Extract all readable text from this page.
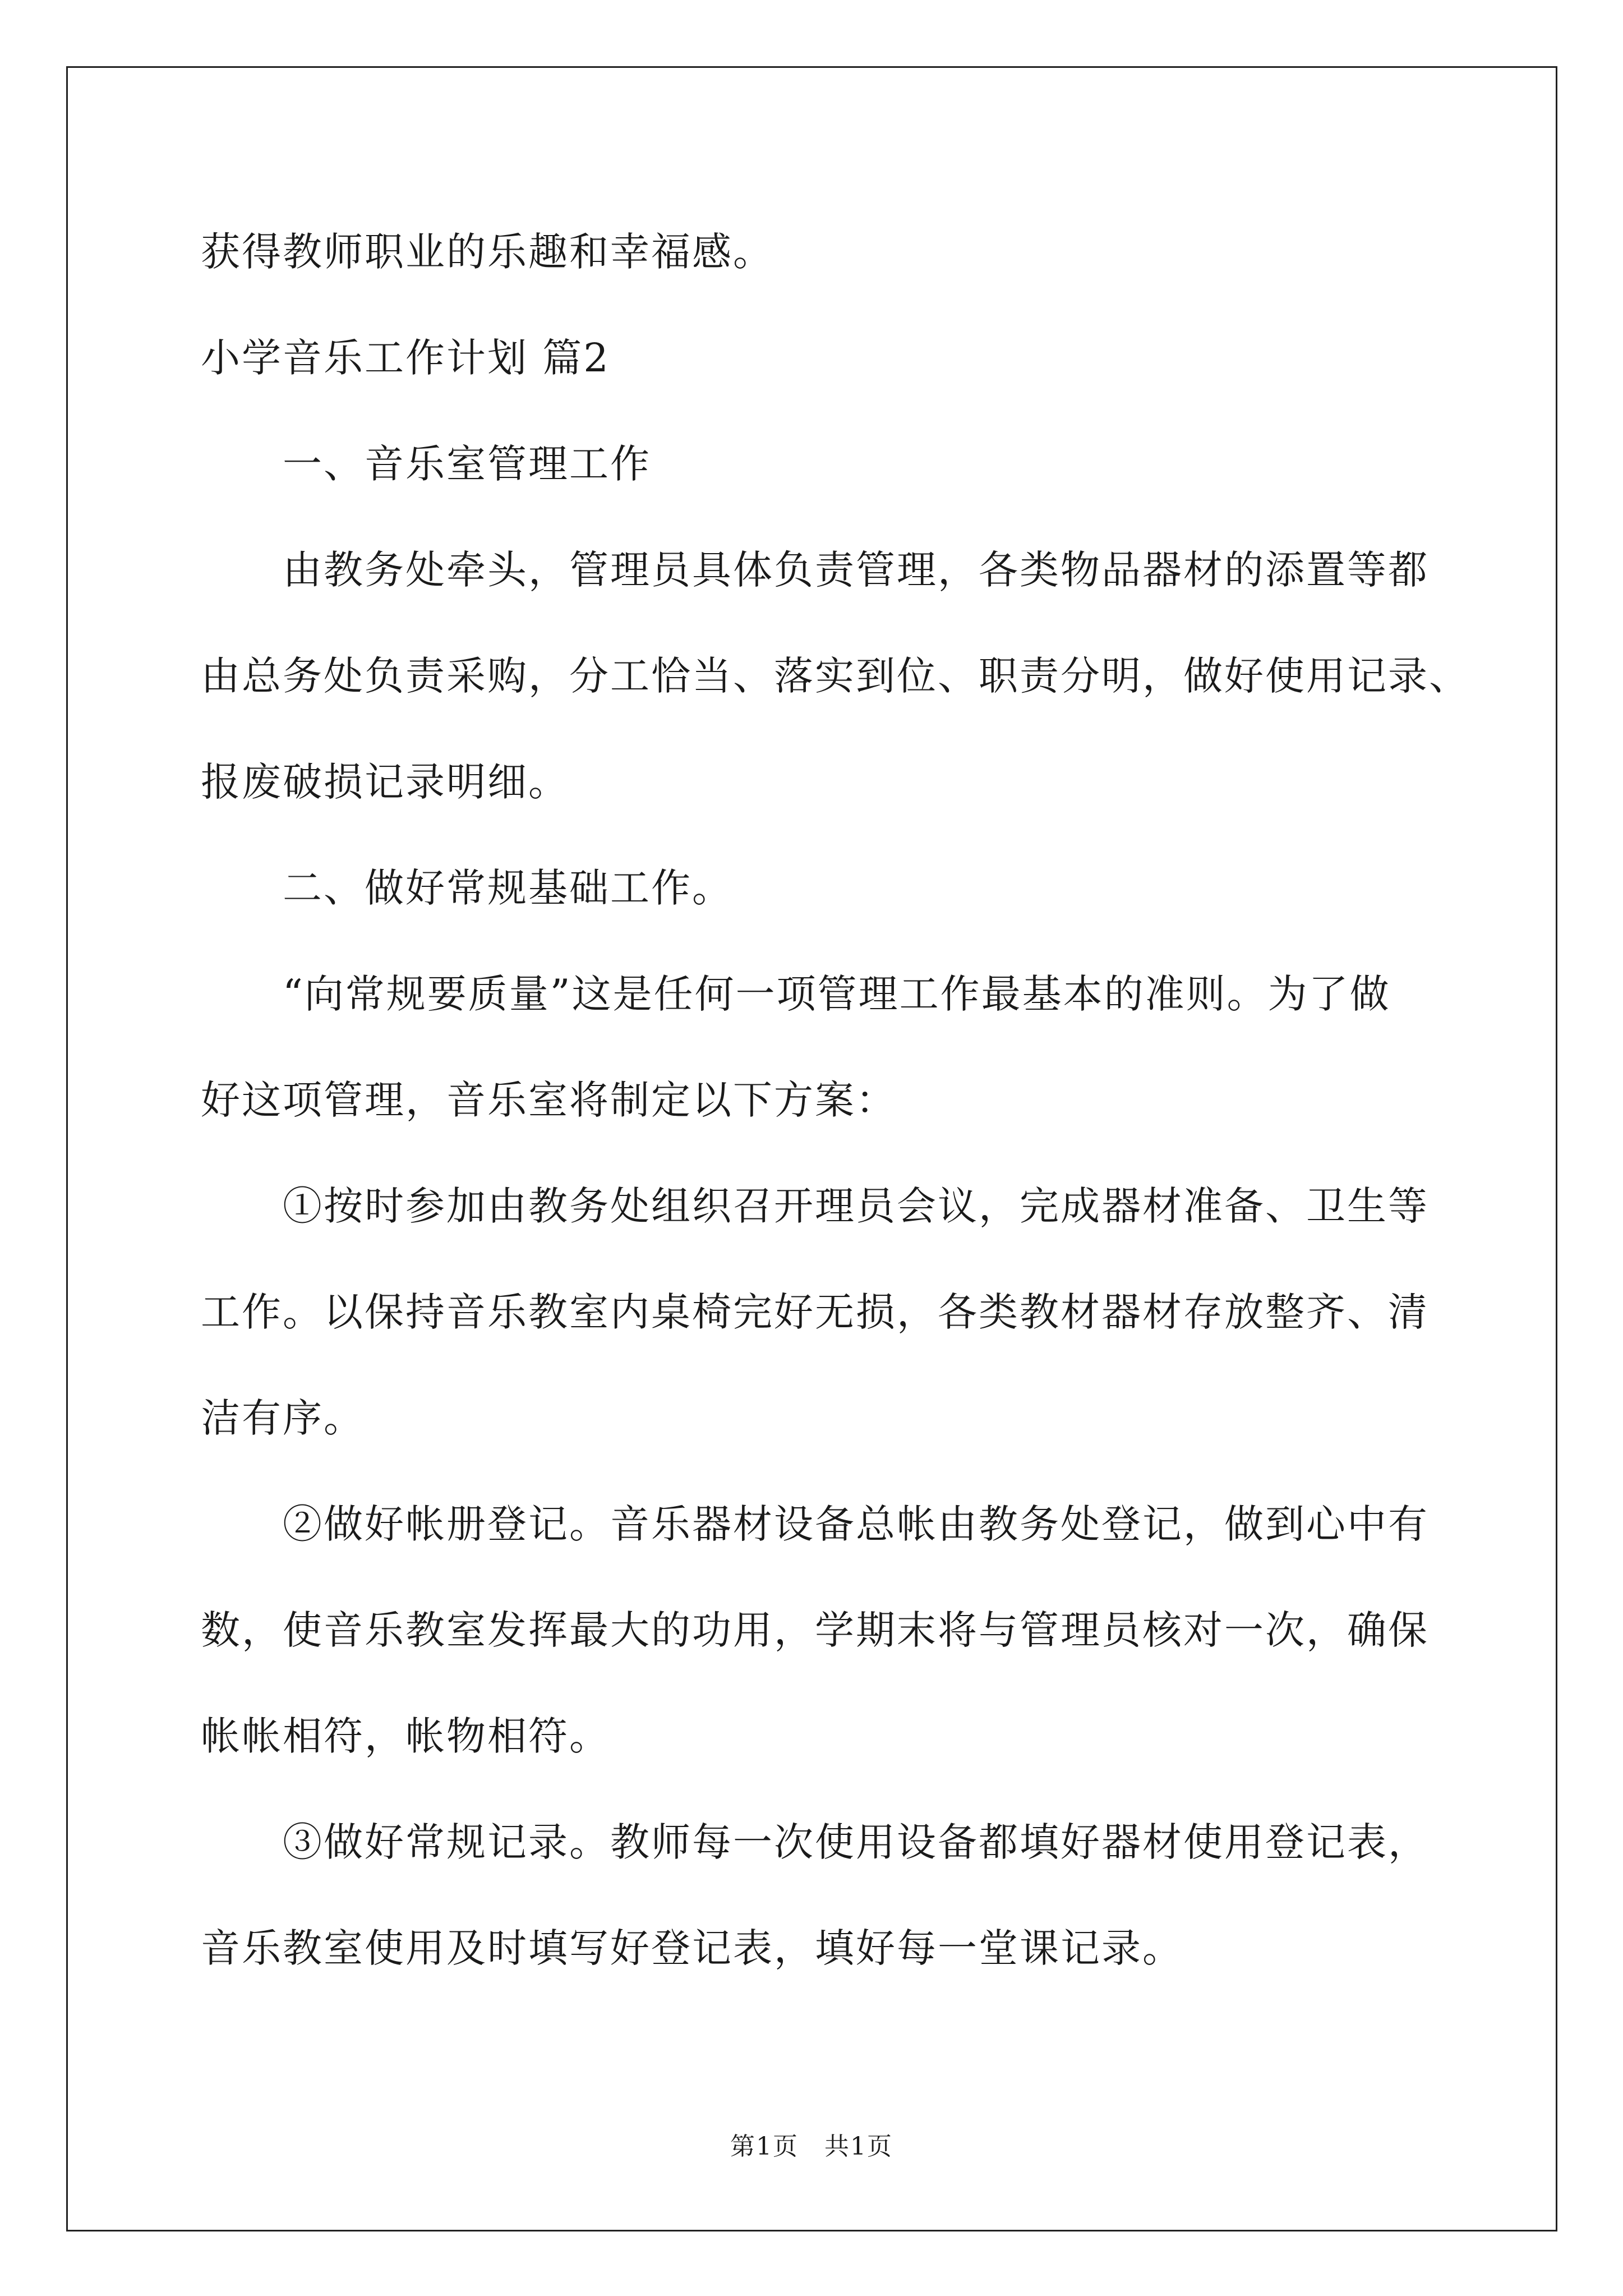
获得教师职业的乐趣和幸福感。
小学音乐工作计划 篇2
一、音乐室管理工作
由教务处牵头，管理员具体负责管理，各类物品器材的添置等都
由总务处负责采购，分工恰当、落实到位、职责分明，做好使用记录、
报废破损记录明细。
二、做好常规基础工作。
“向常规要质量”这是任何一项管理工作最基本的准则。为了做
好这项管理，音乐室将制定以下方案：
①按时参加由教务处组织召开理员会议，完成器材准备、卫生等
工作。以保持音乐教室内桌椅完好无损，各类教材器材存放整齐、清
洁有序。
②做好帐册登记。音乐器材设备总帐由教务处登记，做到心中有
数，使音乐教室发挥最大的功用，学期末将与管理员核对一次，确保
帐帐相符，帐物相符。
③做好常规记录。教师每一次使用设备都填好器材使用登记表，
音乐教室使用及时填写好登记表，填好每一堂课记录。
第1页　共1页
